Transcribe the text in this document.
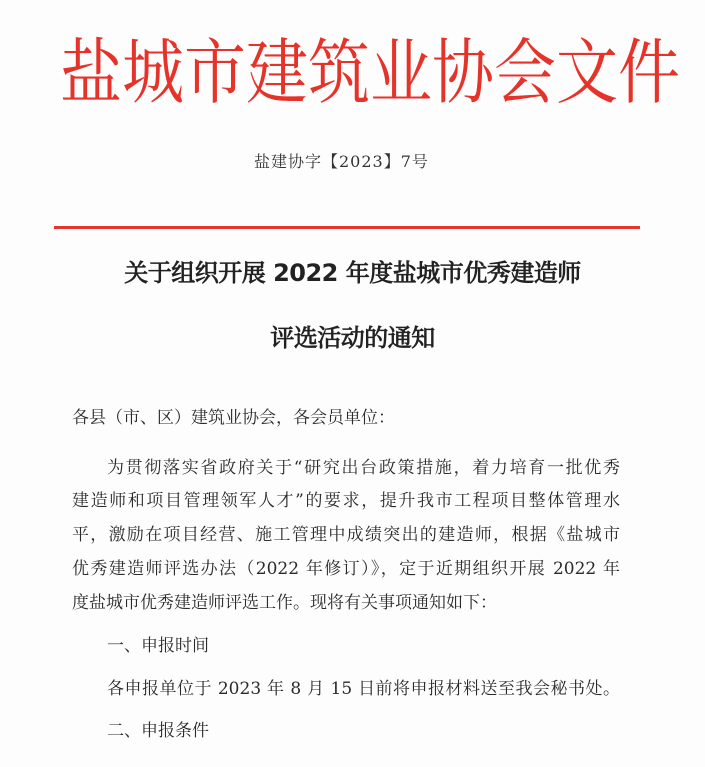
盐城市建筑业协会文件
盐建协字【2023】7号
关于组织开展 2022 年度盐城市优秀建造师
评选活动的通知
各县（市、区）建筑业协会，各会员单位：
为贯彻落实省政府关于“研究出台政策措施，着力培育一批优秀
建造师和项目管理领军人才”的要求，提升我市工程项目整体管理水
平，激励在项目经营、施工管理中成绩突出的建造师，根据《盐城市
优秀建造师评选办法（2022 年修订）》，定于近期组织开展 2022 年
度盐城市优秀建造师评选工作。现将有关事项通知如下：
一、申报时间
各申报单位于 2023 年 8 月 15 日前将申报材料送至我会秘书处。
二、申报条件
